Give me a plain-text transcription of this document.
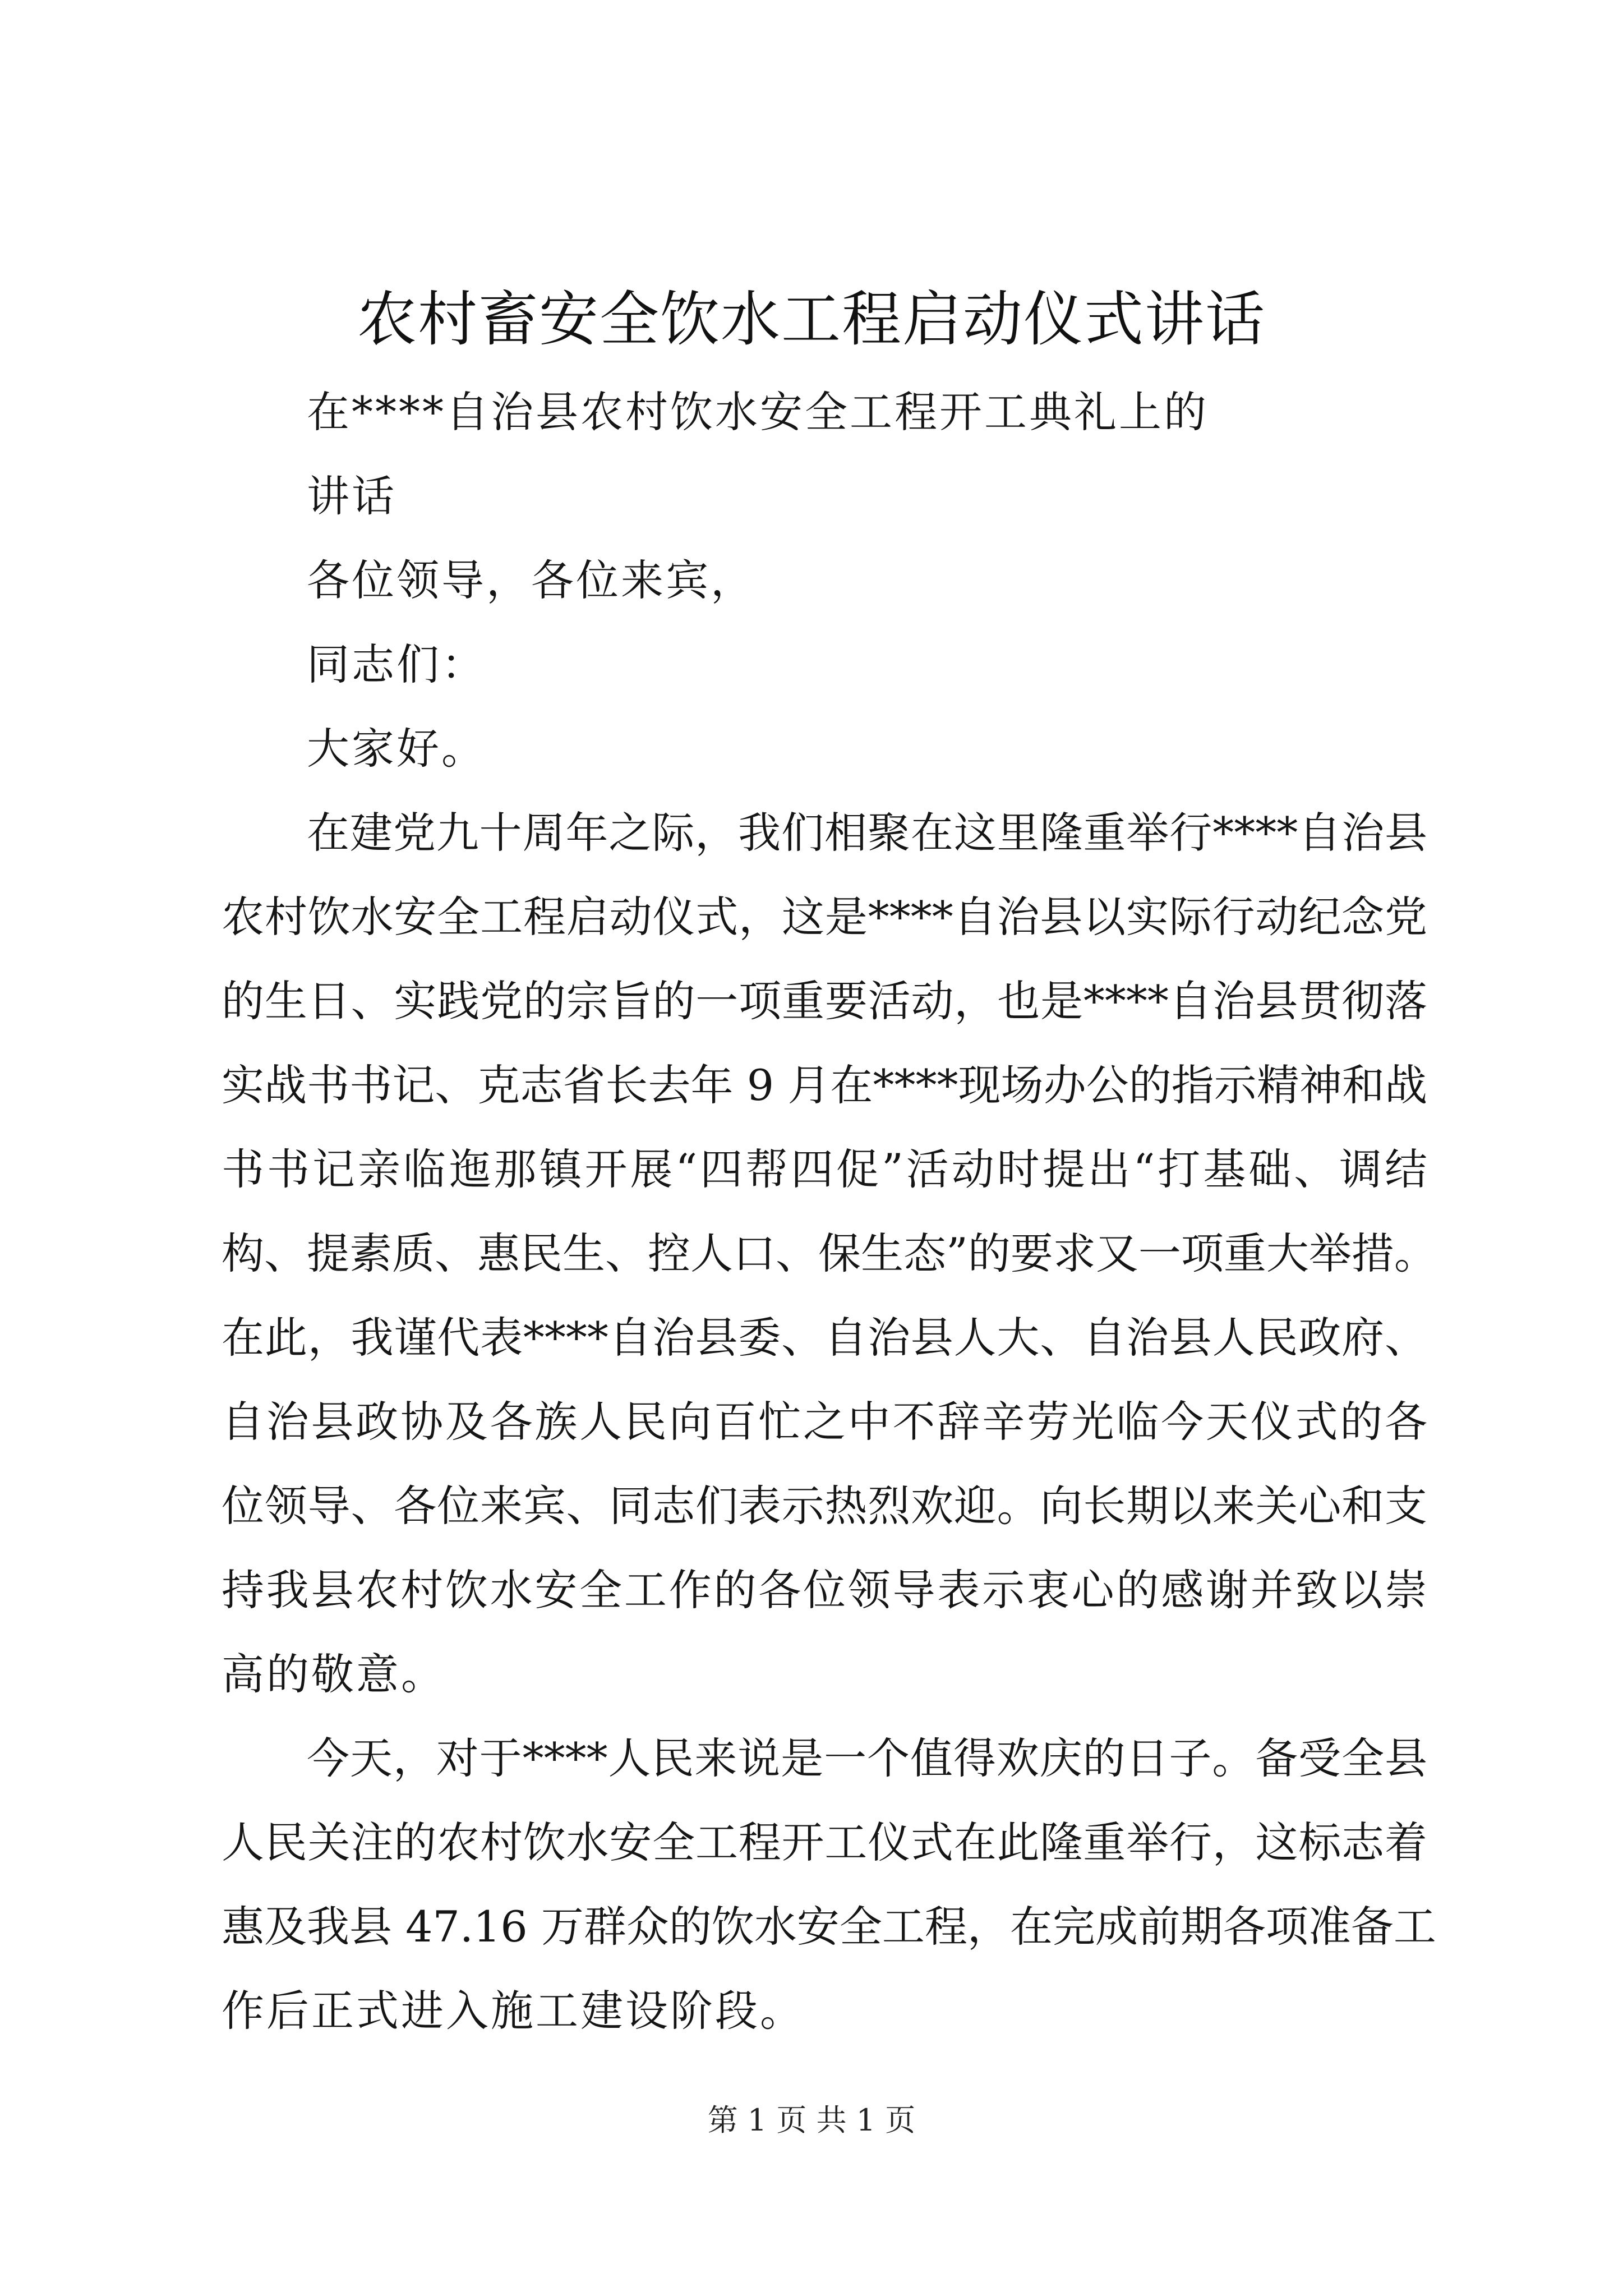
农村畜安全饮水工程启动仪式讲话
在****自治县农村饮水安全工程开工典礼上的
讲话
各位领导，各位来宾，
同志们：
大家好。
在建党九十周年之际，我们相聚在这里隆重举行****自治县
农村饮水安全工程启动仪式，这是****自治县以实际行动纪念党
的生日、实践党的宗旨的一项重要活动，也是****自治县贯彻落
实战书书记、克志省长去年 9 月在****现场办公的指示精神和战
书书记亲临迤那镇开展“四帮四促”活动时提出“打基础、调结
构、提素质、惠民生、控人口、保生态”的要求又一项重大举措。
在此，我谨代表****自治县委、自治县人大、自治县人民政府、
自治县政协及各族人民向百忙之中不辞辛劳光临今天仪式的各
位领导、各位来宾、同志们表示热烈欢迎。向长期以来关心和支
持我县农村饮水安全工作的各位领导表示衷心的感谢并致以崇
高的敬意。
今天，对于****人民来说是一个值得欢庆的日子。备受全县
人民关注的农村饮水安全工程开工仪式在此隆重举行，这标志着
惠及我县 47.16 万群众的饮水安全工程，在完成前期各项准备工
作后正式进入施工建设阶段。
第 1 页 共 1 页
